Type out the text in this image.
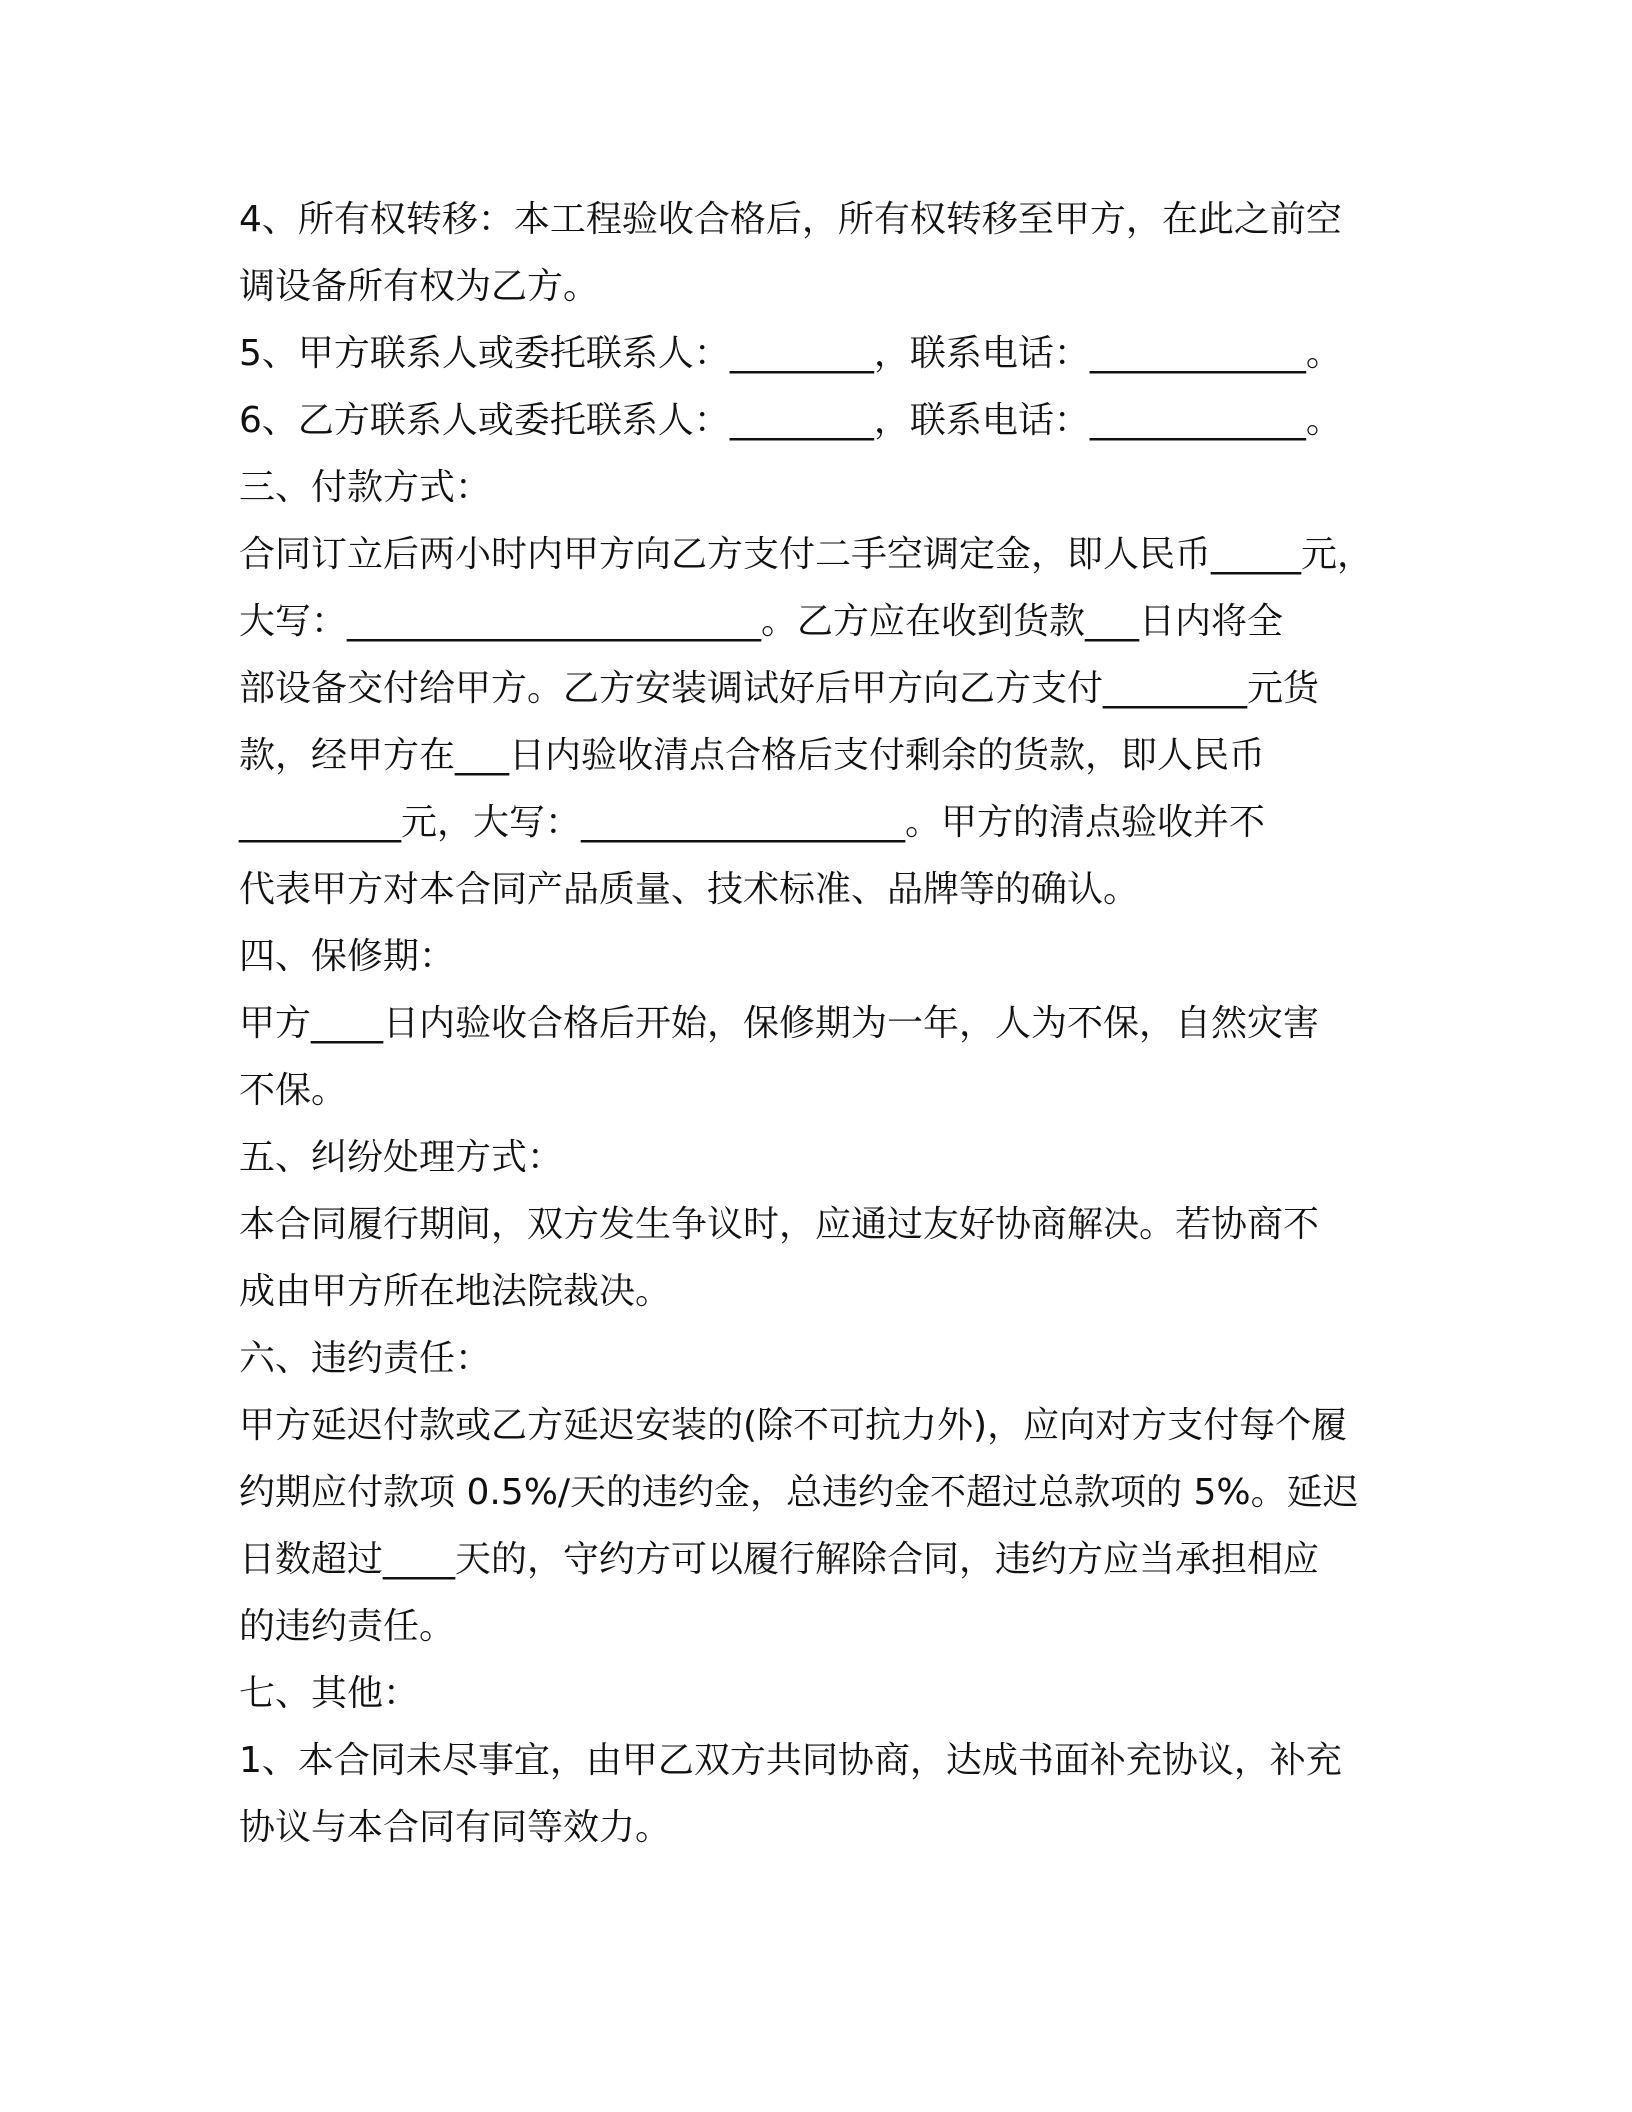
4、所有权转移：本工程验收合格后，所有权转移至甲方，在此之前空
调设备所有权为乙方。
5、甲方联系人或委托联系人：________，联系电话：____________。
6、乙方联系人或委托联系人：________，联系电话：____________。
三、付款方式：
合同订立后两小时内甲方向乙方支付二手空调定金，即人民币_____元，
大写：_______________________。乙方应在收到货款___日内将全
部设备交付给甲方。乙方安装调试好后甲方向乙方支付________元货
款，经甲方在___日内验收清点合格后支付剩余的货款，即人民币
_________元，大写：__________________。甲方的清点验收并不
代表甲方对本合同产品质量、技术标准、品牌等的确认。
四、保修期：
甲方____日内验收合格后开始，保修期为一年，人为不保，自然灾害
不保。
五、纠纷处理方式：
本合同履行期间，双方发生争议时，应通过友好协商解决。若协商不
成由甲方所在地法院裁决。
六、违约责任：
甲方延迟付款或乙方延迟安装的(除不可抗力外)，应向对方支付每个履
约期应付款项 0.5%/天的违约金，总违约金不超过总款项的 5%。延迟
日数超过____天的，守约方可以履行解除合同，违约方应当承担相应
的违约责任。
七、其他：
1、本合同未尽事宜，由甲乙双方共同协商，达成书面补充协议，补充
协议与本合同有同等效力。
